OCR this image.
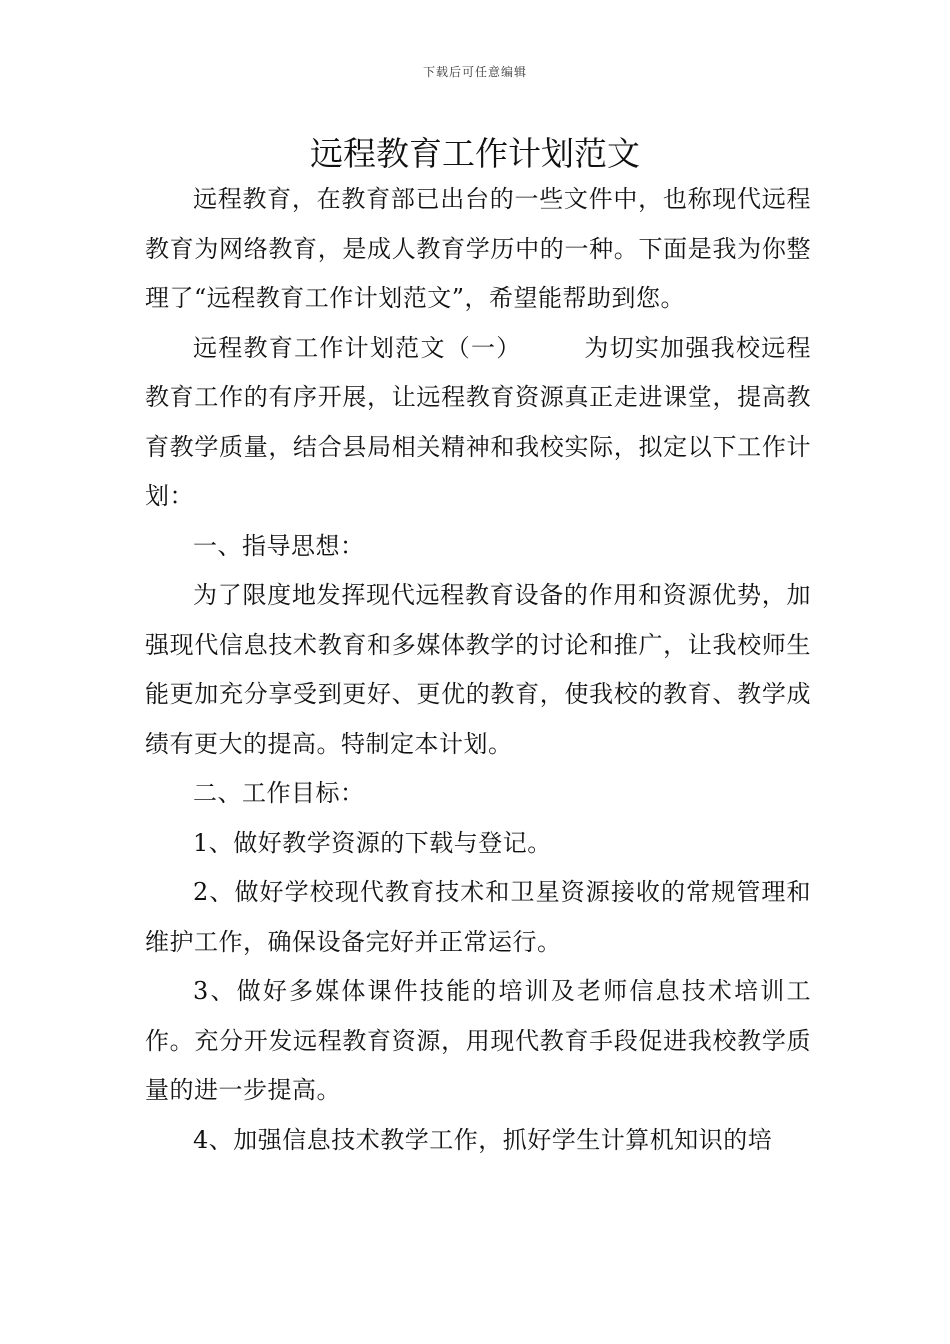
下载后可任意编辑
远程教育工作计划范文

远程教育，在教育部已出台的一些文件中，也称现代远程教育为网络教育，是成人教育学历中的一种。下面是我为你整理了“远程教育工作计划范文”，希望能帮助到您。

远程教育工作计划范文（一）	为切实加强我校远程教育工作的有序开展，让远程教育资源真正走进课堂，提高教育教学质量，结合县局相关精神和我校实际，拟定以下工作计划：

一、指导思想：

为了限度地发挥现代远程教育设备的作用和资源优势，加强现代信息技术教育和多媒体教学的讨论和推广，让我校师生能更加充分享受到更好、更优的教育，使我校的教育、教学成绩有更大的提高。特制定本计划。

二、工作目标：

1、做好教学资源的下载与登记。

2、做好学校现代教育技术和卫星资源接收的常规管理和维护工作，确保设备完好并正常运行。

3、做好多媒体课件技能的培训及老师信息技术培训工作。充分开发远程教育资源，用现代教育手段促进我校教学质量的进一步提高。

4、加强信息技术教学工作，抓好学生计算机知识的培
